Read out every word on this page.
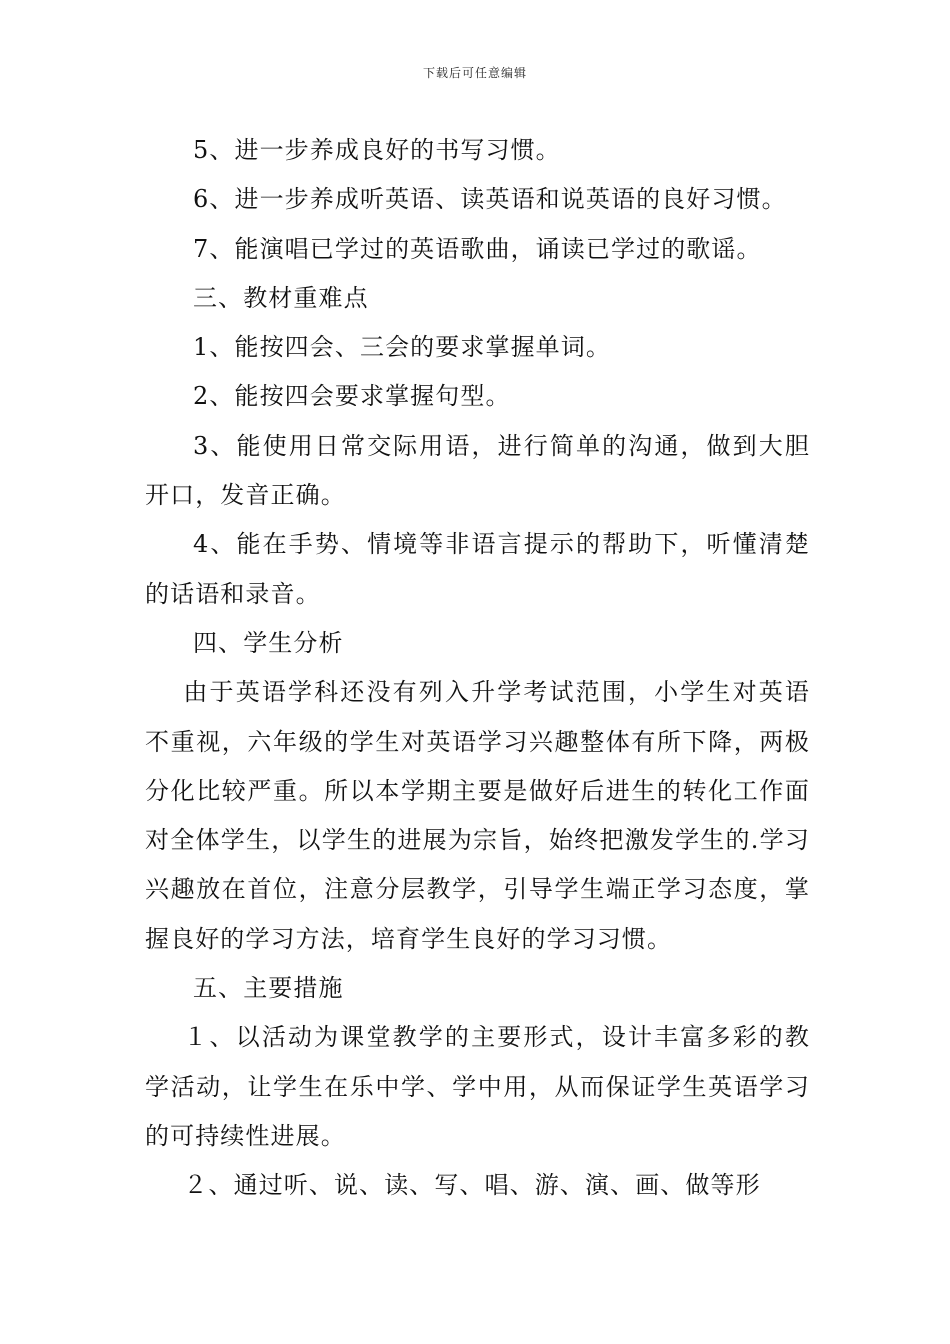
下载后可任意编辑

5、进一步养成良好的书写习惯。

6、进一步养成听英语、读英语和说英语的良好习惯。

7、能演唱已学过的英语歌曲，诵读已学过的歌谣。

三、教材重难点

1、能按四会、三会的要求掌握单词。

2、能按四会要求掌握句型。

3、能使用日常交际用语，进行简单的沟通，做到大胆开口，发音正确。

4、能在手势、情境等非语言提示的帮助下，听懂清楚的话语和录音。

四、学生分析

由于英语学科还没有列入升学考试范围，小学生对英语不重视，六年级的学生对英语学习兴趣整体有所下降，两极分化比较严重。所以本学期主要是做好后进生的转化工作面对全体学生，以学生的进展为宗旨，始终把激发学生的.学习兴趣放在首位，注意分层教学，引导学生端正学习态度，掌握良好的学习方法，培育学生良好的学习习惯。

五、主要措施

１、以活动为课堂教学的主要形式，设计丰富多彩的教学活动，让学生在乐中学、学中用，从而保证学生英语学习的可持续性进展。

２、通过听、说、读、写、唱、游、演、画、做等形
